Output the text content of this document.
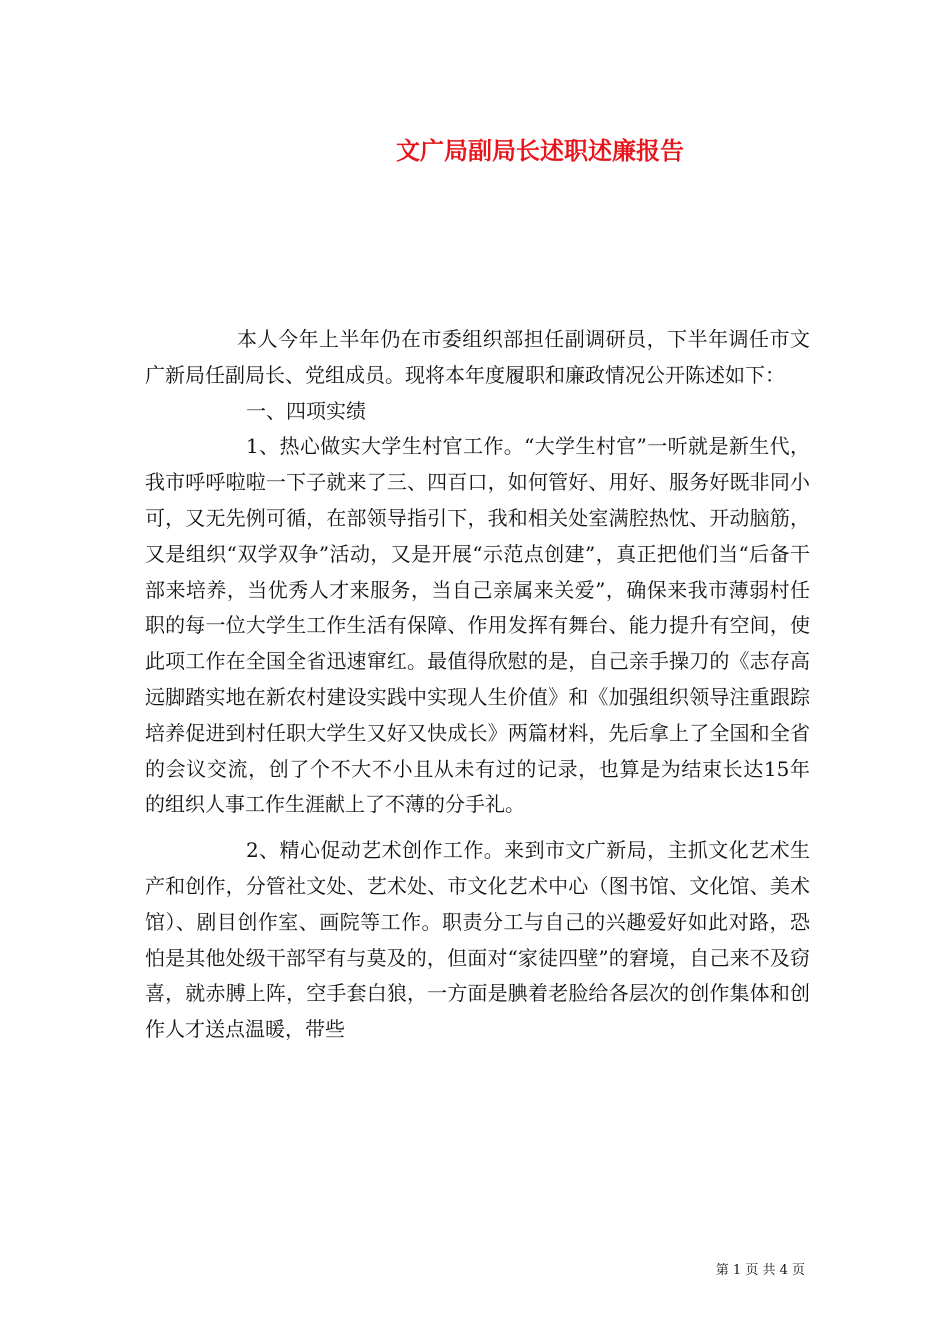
文广局副局长述职述廉报告

本人今年上半年仍在市委组织部担任副调研员，下半年调任市文广新局任副局长、党组成员。现将本年度履职和廉政情况公开陈述如下：

一、四项实绩

1、热心做实大学生村官工作。“大学生村官”一听就是新生代，我市呼呼啦啦一下子就来了三、四百口，如何管好、用好、服务好既非同小可，又无先例可循，在部领导指引下，我和相关处室满腔热忱、开动脑筋，又是组织“双学双争”活动，又是开展“示范点创建”，真正把他们当“后备干部来培养，当优秀人才来服务，当自己亲属来关爱”，确保来我市薄弱村任职的每一位大学生工作生活有保障、作用发挥有舞台、能力提升有空间，使此项工作在全国全省迅速窜红。最值得欣慰的是，自己亲手操刀的《志存高远脚踏实地在新农村建设实践中实现人生价值》和《加强组织领导注重跟踪培养促进到村任职大学生又好又快成长》两篇材料，先后拿上了全国和全省的会议交流，创了个不大不小且从未有过的记录，也算是为结束长达15年的组织人事工作生涯献上了不薄的分手礼。

2、精心促动艺术创作工作。来到市文广新局，主抓文化艺术生产和创作，分管社文处、艺术处、市文化艺术中心（图书馆、文化馆、美术馆）、剧目创作室、画院等工作。职责分工与自己的兴趣爱好如此对路，恐怕是其他处级干部罕有与莫及的，但面对“家徒四壁”的窘境，自己来不及窃喜，就赤膊上阵，空手套白狼，一方面是腆着老脸给各层次的创作集体和创作人才送点温暖，带些

第 1 页 共 4 页
